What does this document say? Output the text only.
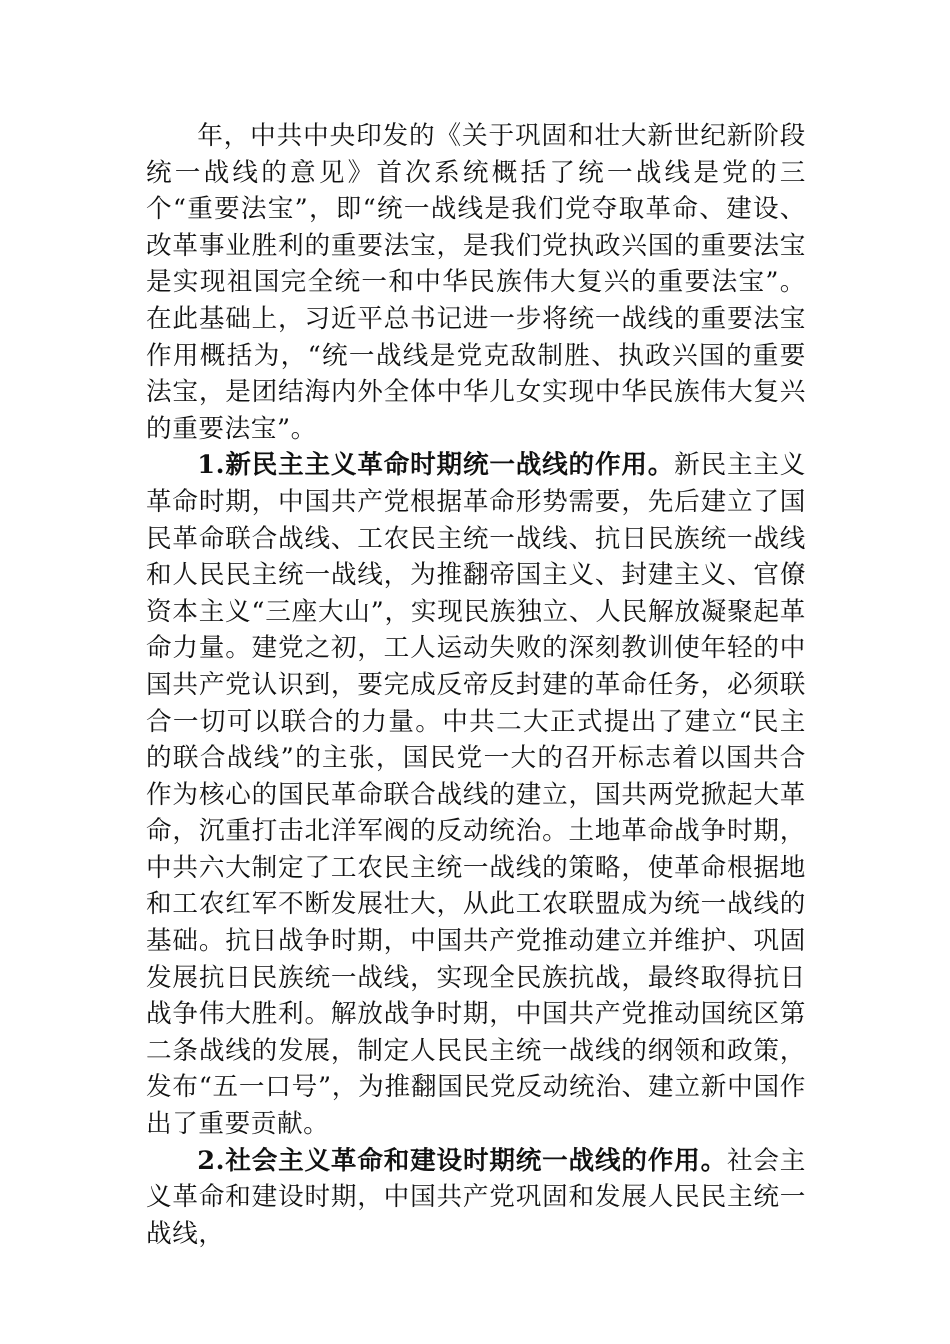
年，中共中央印发的《关于巩固和壮大新世纪新阶段统一战线的意见》首次系统概括了统一战线是党的三个“重要法宝”，即“统一战线是我们党夺取革命、建设、改革事业胜利的重要法宝，是我们党执政兴国的重要法宝是实现祖国完全统一和中华民族伟大复兴的重要法宝”。在此基础上，习近平总书记进一步将统一战线的重要法宝作用概括为，“统一战线是党克敌制胜、执政兴国的重要法宝，是团结海内外全体中华儿女实现中华民族伟大复兴的重要法宝”。

1.新民主主义革命时期统一战线的作用。新民主主义革命时期，中国共产党根据革命形势需要，先后建立了国民革命联合战线、工农民主统一战线、抗日民族统一战线和人民民主统一战线，为推翻帝国主义、封建主义、官僚资本主义“三座大山”，实现民族独立、人民解放凝聚起革命力量。建党之初，工人运动失败的深刻教训使年轻的中国共产党认识到，要完成反帝反封建的革命任务，必须联合一切可以联合的力量。中共二大正式提出了建立“民主的联合战线”的主张，国民党一大的召开标志着以国共合作为核心的国民革命联合战线的建立，国共两党掀起大革命，沉重打击北洋军阀的反动统治。土地革命战争时期，中共六大制定了工农民主统一战线的策略，使革命根据地和工农红军不断发展壮大，从此工农联盟成为统一战线的基础。抗日战争时期，中国共产党推动建立并维护、巩固发展抗日民族统一战线，实现全民族抗战，最终取得抗日战争伟大胜利。解放战争时期，中国共产党推动国统区第二条战线的发展，制定人民民主统一战线的纲领和政策，发布“五一口号”，为推翻国民党反动统治、建立新中国作出了重要贡献。

2.社会主义革命和建设时期统一战线的作用。社会主义革命和建设时期，中国共产党巩固和发展人民民主统一战线，
